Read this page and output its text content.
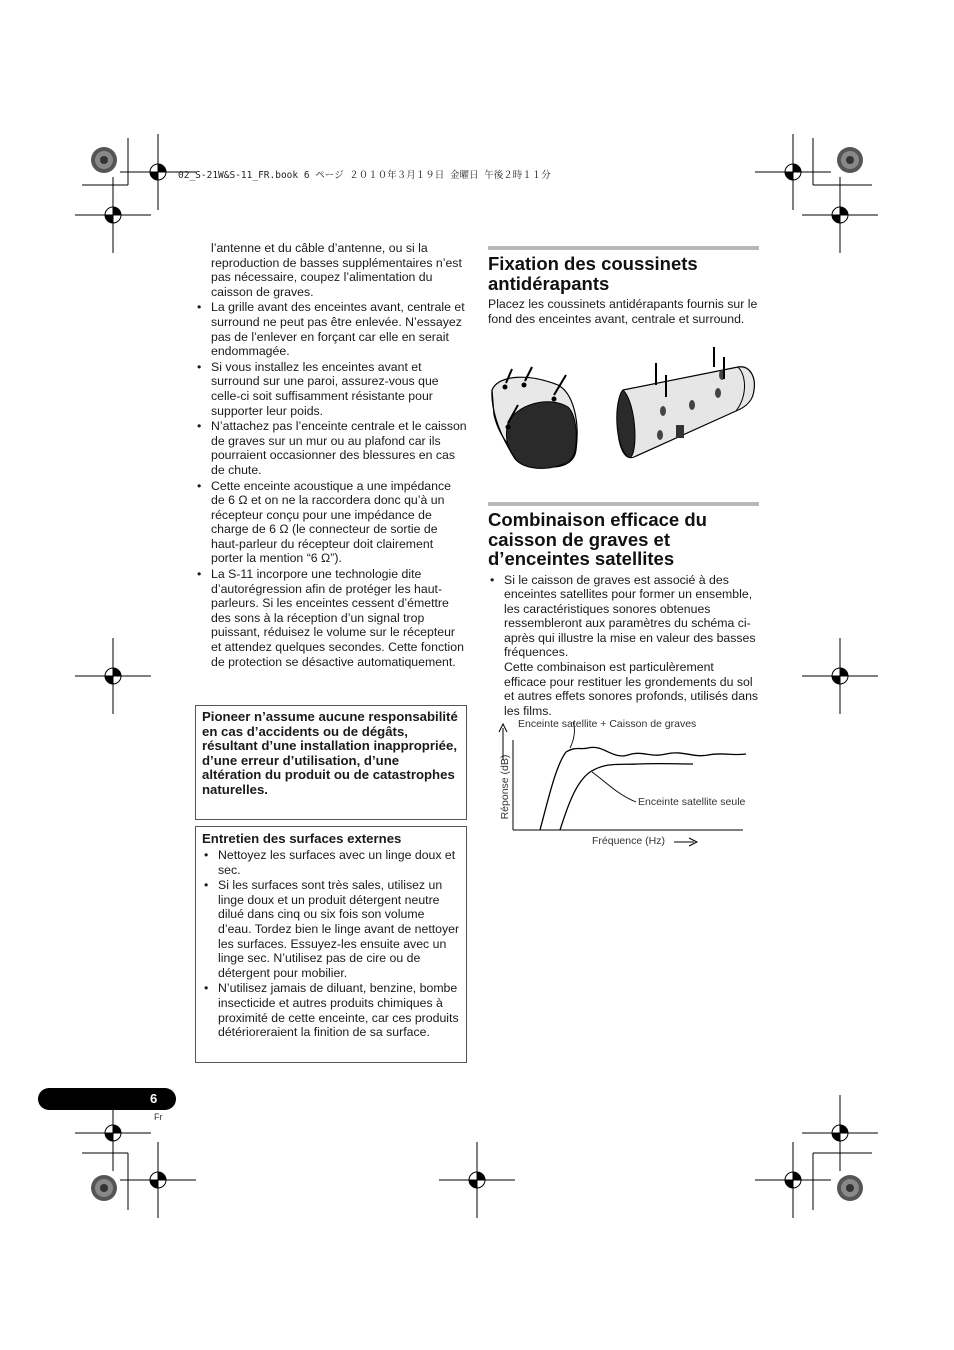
02_S-21W&S-11_FR.book 6 ページ ２０１０年３月１９日 金曜日 午後２時１１分
l’antenne et du câble d’antenne, ou si la reproduction de basses supplémentaires n’est pas nécessaire, coupez l’alimentation du caisson de graves.
• La grille avant des enceintes avant, centrale et surround ne peut pas être enlevée. N’essayez pas de l’enlever en forçant car elle en serait endommagée.
• Si vous installez les enceintes avant et surround sur une paroi, assurez-vous que celle-ci soit suffisamment résistante pour supporter leur poids.
• N’attachez pas l’enceinte centrale et le caisson de graves sur un mur ou au plafond car ils pourraient occasionner des blessures en cas de chute.
• Cette enceinte acoustique a une impédance de 6 Ω et on ne la raccordera donc qu’à un récepteur conçu pour une impédance de charge de 6 Ω (le connecteur de sortie de haut-parleur du récepteur doit clairement porter la mention “6 Ω”).
• La S-11 incorpore une technologie dite d’autorégression afin de protéger les haut-parleurs. Si les enceintes cessent d’émettre des sons à la réception d’un signal trop puissant, réduisez le volume sur le récepteur et attendez quelques secondes. Cette fonction de protection se désactive automatiquement.
Pioneer n’assume aucune responsabilité en cas d’accidents ou de dégâts, résultant d’une installation inappropriée, d’une erreur d’utilisation, d’une altération du produit ou de catastrophes naturelles.
Entretien des surfaces externes
• Nettoyez les surfaces avec un linge doux et sec.
• Si les surfaces sont très sales, utilisez un linge doux et un produit détergent neutre dilué dans cinq ou six fois son volume d’eau. Tordez bien le linge avant de nettoyer les surfaces. Essuyez-les ensuite avec un linge sec. N’utilisez pas de cire ou de détergent pour mobilier.
• N’utilisez jamais de diluant, benzine, bombe insecticide et autres produits chimiques à proximité de cette enceinte, car ces produits détérioreraient la finition de sa surface.
Fixation des coussinets antidérapants
Placez les coussinets antidérapants fournis sur le fond des enceintes avant, centrale et surround.
Combinaison efficace du caisson de graves et d’enceintes satellites
• Si le caisson de graves est associé à des enceintes satellites pour former un ensemble, les caractéristiques sonores obtenues ressembleront aux paramètres du schéma ci-après qui illustre la mise en valeur des basses fréquences.
Cette combinaison est particulèrement efficace pour restituer les grondements du sol et autres effets sonores profonds, utilisés dans les films.
Enceinte satellite + Caisson de graves
Enceinte satellite seule
Réponse (dB)
Fréquence (Hz)
6
Fr
